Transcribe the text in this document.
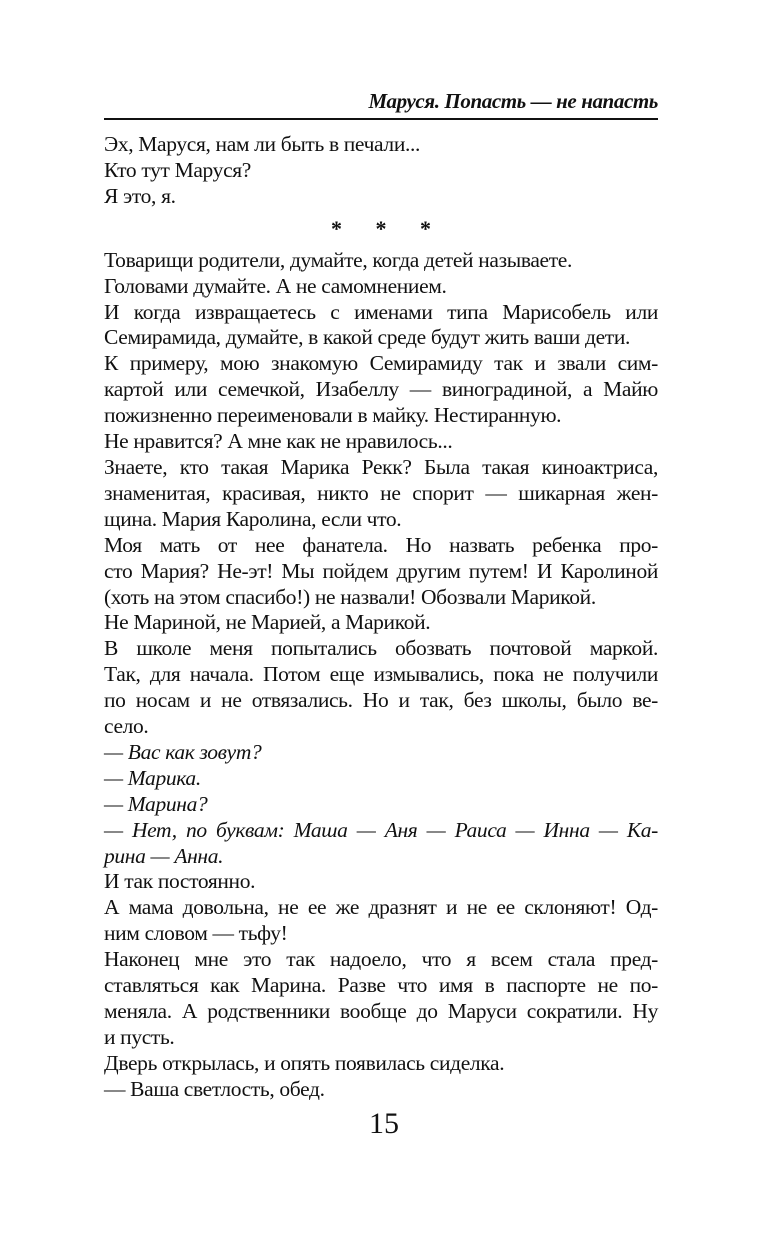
Маруся. Попасть — не напасть
Эх, Маруся, нам ли быть в печали...
Кто тут Маруся?
Я это, я.
* * *
Товарищи родители, думайте, когда детей называете.
Головами думайте. А не самомнением.
И когда извращаетесь с именами типа Марисобель или
Семирамида, думайте, в какой среде будут жить ваши дети.
К примеру, мою знакомую Семирамиду так и звали сим-
картой или семечкой, Изабеллу — виноградиной, а Майю
пожизненно переименовали в майку. Нестиранную.
Не нравится? А мне как не нравилось...
Знаете, кто такая Марика Рекк? Была такая киноактриса,
знаменитая, красивая, никто не спорит — шикарная жен-
щина. Мария Каролина, если что.
Моя мать от нее фанатела. Но назвать ребенка про-
сто Мария? Не-эт! Мы пойдем другим путем! И Каролиной
(хоть на этом спасибо!) не назвали! Обозвали Марикой.
Не Мариной, не Марией, а Марикой.
В школе меня попытались обозвать почтовой маркой.
Так, для начала. Потом еще измывались, пока не получили
по носам и не отвязались. Но и так, без школы, было ве-
село.
— Вас как зовут?
— Марика.
— Марина?
— Нет, по буквам: Маша — Аня — Раиса — Инна — Ка-
рина — Анна.
И так постоянно.
А мама довольна, не ее же дразнят и не ее склоняют! Од-
ним словом — тьфу!
Наконец мне это так надоело, что я всем стала пред-
ставляться как Марина. Разве что имя в паспорте не по-
меняла. А родственники вообще до Маруси сократили. Ну
и пусть.
Дверь открылась, и опять появилась сиделка.
— Ваша светлость, обед.
15
